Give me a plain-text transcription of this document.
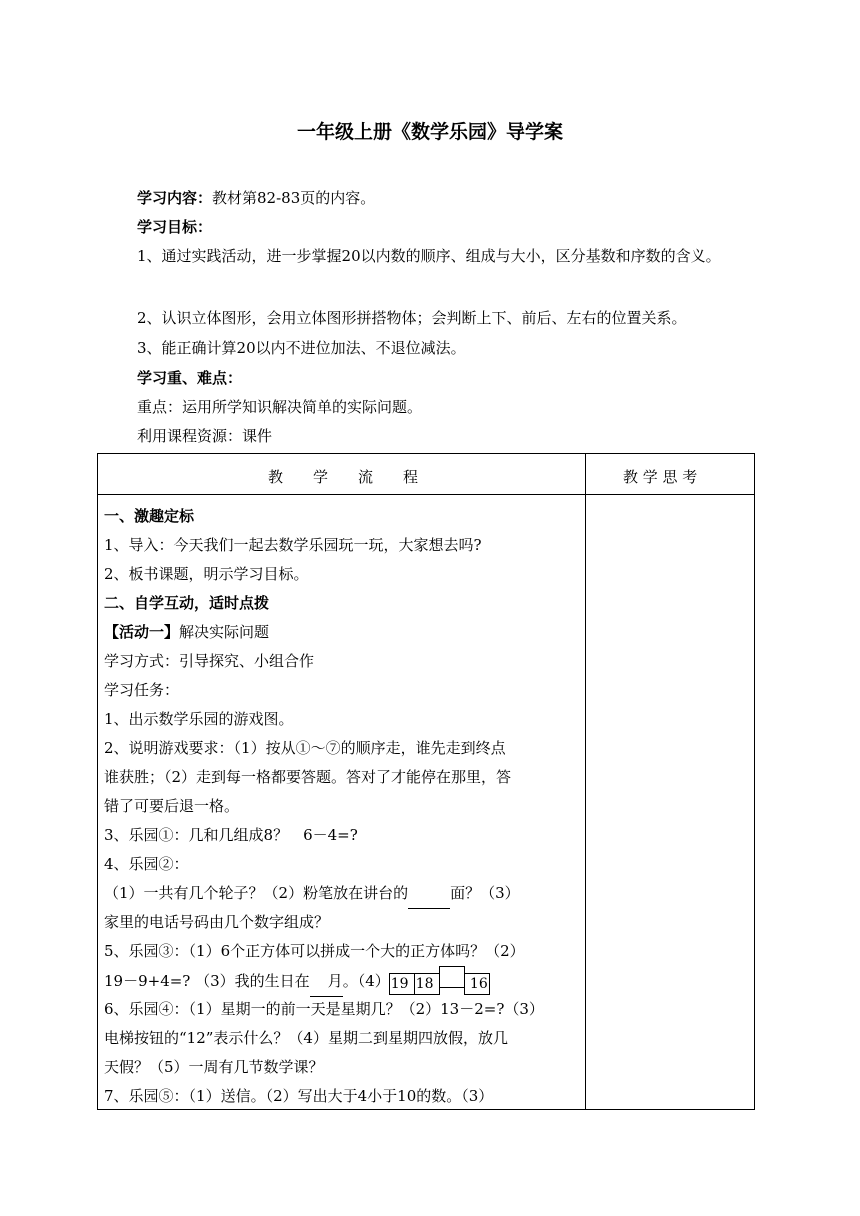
一年级上册《数学乐园》导学案
学习内容：教材第82-83页的内容。
学习目标：
1、通过实践活动，进一步掌握20以内数的顺序、组成与大小，区分基数和序数的含义。
2、认识立体图形，会用立体图形拼搭物体；会判断上下、前后、左右的位置关系。
3、能正确计算20以内不进位加法、不退位减法。
学习重、难点：
重点：运用所学知识解决简单的实际问题。
利用课程资源：课件
教　　学　　流　　程	教 学 思 考
一、激趣定标
1、导入：今天我们一起去数学乐园玩一玩，大家想去吗?
2、板书课题，明示学习目标。
二、自学互动，适时点拨
【活动一】解决实际问题
学习方式：引导探究、小组合作
学习任务：
1、出示数学乐园的游戏图。
2、说明游戏要求：（1）按从①～⑦的顺序走，谁先走到终点
谁获胜；（2）走到每一格都要答题。答对了才能停在那里，答
错了可要后退一格。
3、乐园①：几和几组成8？　6－4=?
4、乐园②：
（1）一共有几个轮子？（2）粉笔放在讲台的	面？（3）
家里的电话号码由几个数字组成？
5、乐园③：（1）6个正方体可以拼成一个大的正方体吗？（2）
19－9+4=? （3）我的生日在 月。（4）19 18	16
6、乐园④：（1）星期一的前一天是星期几？（2）13－2=?（3）
电梯按钮的“12”表示什么？（4）星期二到星期四放假，放几
天假？（5）一周有几节数学课？
7、乐园⑤：（1）送信。（2）写出大于4小于10的数。（3）
